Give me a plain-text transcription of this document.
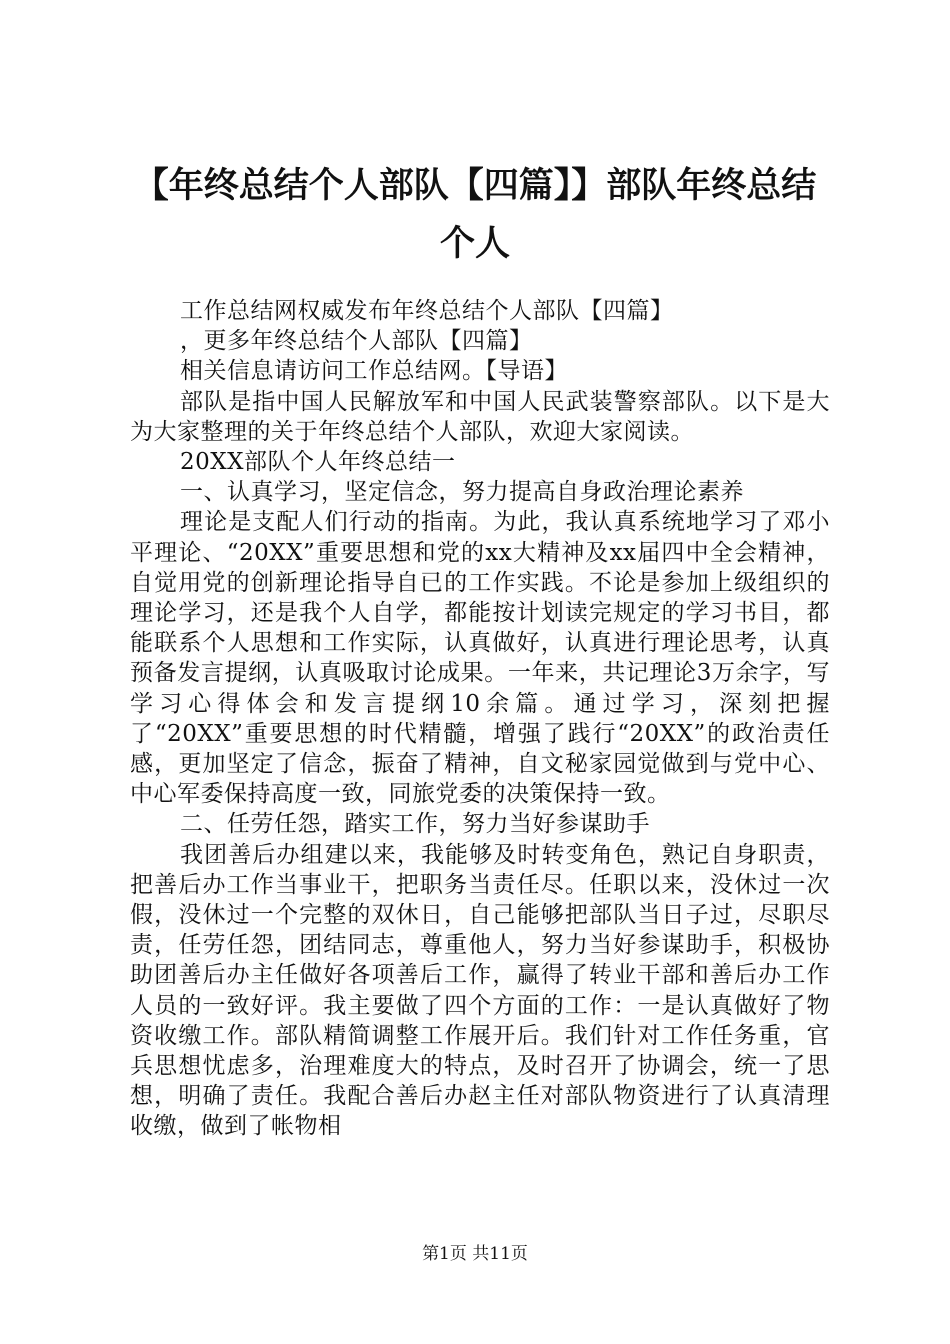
【年终总结个人部队【四篇】】部队年终总结
个人

工作总结网权威发布年终总结个人部队【四篇】

，更多年终总结个人部队【四篇】

相关信息请访问工作总结网。【导语】

部队是指中国人民解放军和中国人民武装警察部队。以下是大为大家整理的关于年终总结个人部队，欢迎大家阅读。

20XX部队个人年终总结一

一、认真学习，坚定信念，努力提高自身政治理论素养

理论是支配人们行动的指南。为此，我认真系统地学习了邓小平理论、“20XX”重要思想和党的xx大精神及xx届四中全会精神，自觉用党的创新理论指导自已的工作实践。不论是参加上级组织的理论学习，还是我个人自学，都能按计划读完规定的学习书目，都能联系个人思想和工作实际，认真做好，认真进行理论思考，认真预备发言提纲，认真吸取讨论成果。一年来，共记理论3万余字，写学习心得体会和发言提纲10余篇。通过学习，深刻把握了“20XX”重要思想的时代精髓，增强了践行“20XX”的政治责任感，更加坚定了信念，振奋了精神，自文秘家园觉做到与党中心、中心军委保持高度一致，同旅党委的决策保持一致。

二、任劳任怨，踏实工作，努力当好参谋助手

我团善后办组建以来，我能够及时转变角色，熟记自身职责，把善后办工作当事业干，把职务当责任尽。任职以来，没休过一次假，没休过一个完整的双休日，自己能够把部队当日子过，尽职尽责，任劳任怨，团结同志，尊重他人，努力当好参谋助手，积极协助团善后办主任做好各项善后工作，赢得了转业干部和善后办工作人员的一致好评。我主要做了四个方面的工作：一是认真做好了物资收缴工作。部队精简调整工作展开后。我们针对工作任务重，官兵思想忧虑多，治理难度大的特点，及时召开了协调会，统一了思想，明确了责任。我配合善后办赵主任对部队物资进行了认真清理收缴，做到了帐物相

第1页 共11页
